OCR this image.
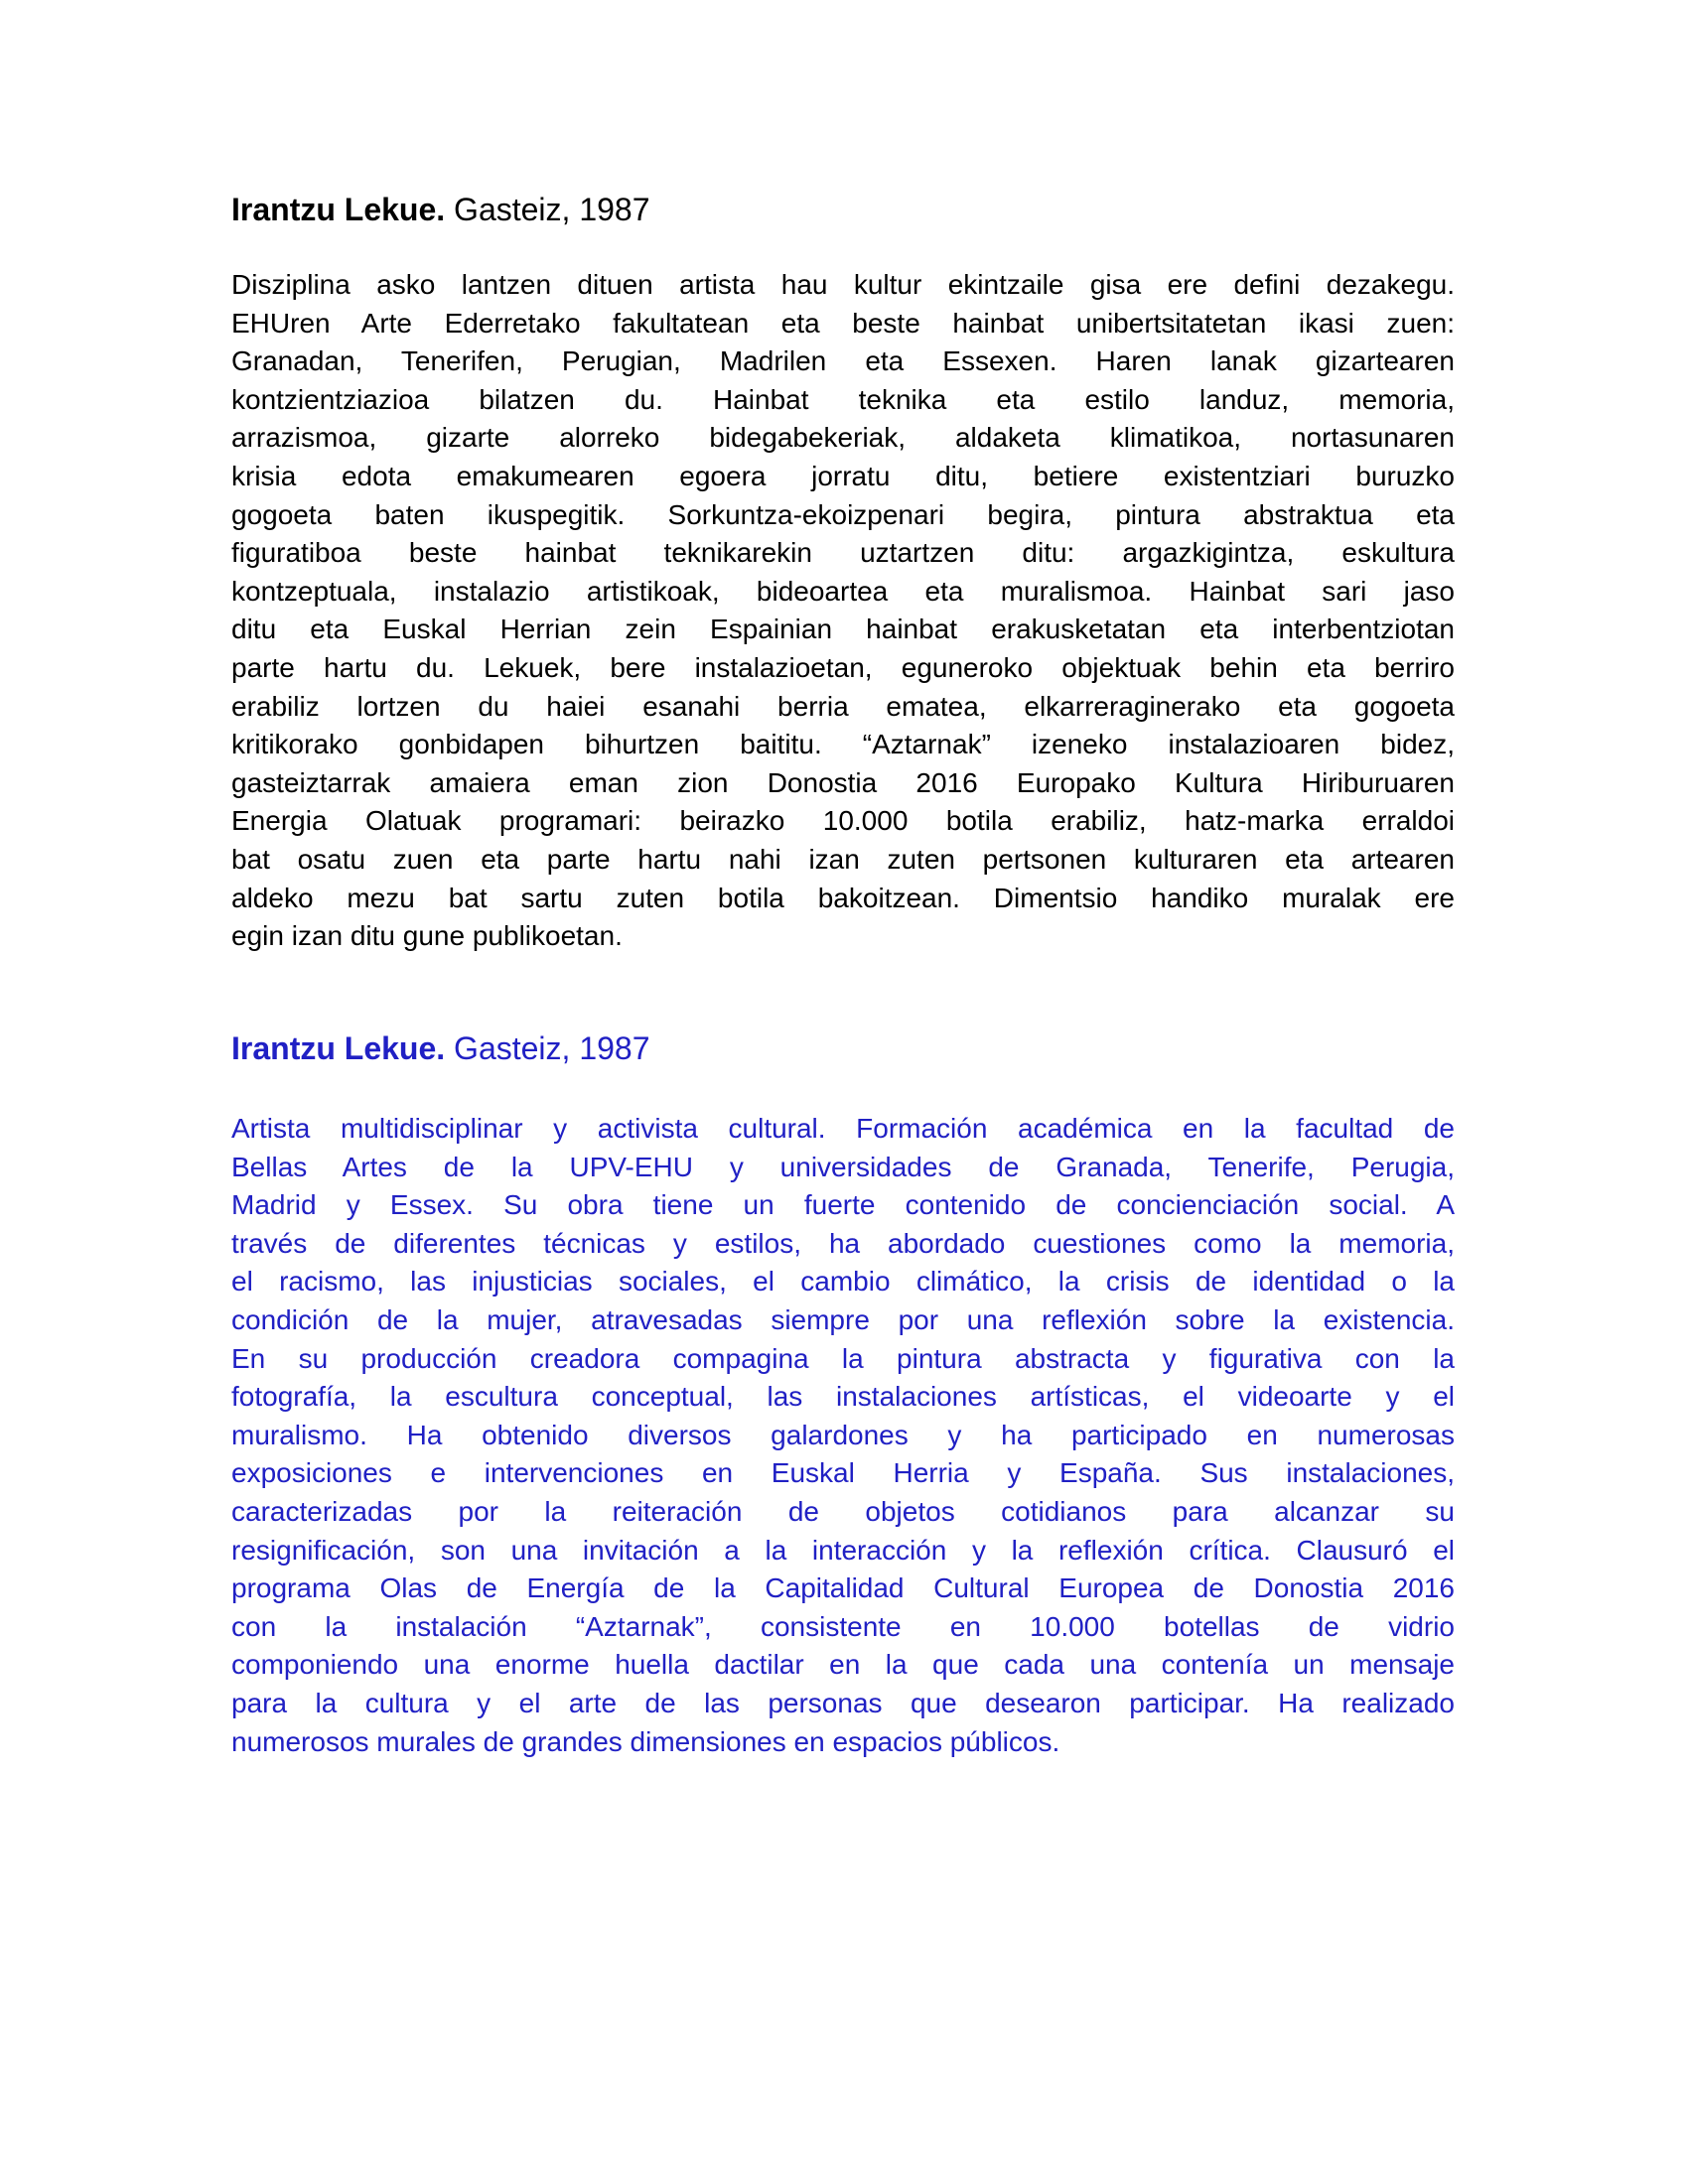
Irantzu Lekue. Gasteiz, 1987

Disziplina asko lantzen dituen artista hau kultur ekintzaile gisa ere defini dezakegu.
EHUren Arte Ederretako fakultatean eta beste hainbat unibertsitatetan ikasi zuen:
Granadan, Tenerifen, Perugian, Madrilen eta Essexen. Haren lanak gizartearen
kontzientziazioa bilatzen du. Hainbat teknika eta estilo landuz, memoria,
arrazismoa, gizarte alorreko bidegabekeriak, aldaketa klimatikoa, nortasunaren
krisia edota emakumearen egoera jorratu ditu, betiere existentziari buruzko
gogoeta baten ikuspegitik. Sorkuntza-ekoizpenari begira, pintura abstraktua eta
figuratiboa beste hainbat teknikarekin uztartzen ditu: argazkigintza, eskultura
kontzeptuala, instalazio artistikoak, bideoartea eta muralismoa. Hainbat sari jaso
ditu eta Euskal Herrian zein Espainian hainbat erakusketatan eta interbentziotan
parte hartu du. Lekuek, bere instalazioetan, eguneroko objektuak behin eta berriro
erabiliz lortzen du haiei esanahi berria ematea, elkarreraginerako eta gogoeta
kritikorako gonbidapen bihurtzen baititu. “Aztarnak” izeneko instalazioaren bidez,
gasteiztarrak amaiera eman zion Donostia 2016 Europako Kultura Hiriburuaren
Energia Olatuak programari: beirazko 10.000 botila erabiliz, hatz-marka erraldoi
bat osatu zuen eta parte hartu nahi izan zuten pertsonen kulturaren eta artearen
aldeko mezu bat sartu zuten botila bakoitzean. Dimentsio handiko muralak ere
egin izan ditu gune publikoetan.

Irantzu Lekue. Gasteiz, 1987

Artista multidisciplinar y activista cultural. Formación académica en la facultad de
Bellas Artes de la UPV-EHU y universidades de Granada, Tenerife, Perugia,
Madrid y Essex. Su obra tiene un fuerte contenido de concienciación social. A
través de diferentes técnicas y estilos, ha abordado cuestiones como la memoria,
el racismo, las injusticias sociales, el cambio climático, la crisis de identidad o la
condición de la mujer, atravesadas siempre por una reflexión sobre la existencia.
En su producción creadora compagina la pintura abstracta y figurativa con la
fotografía, la escultura conceptual, las instalaciones artísticas, el videoarte y el
muralismo. Ha obtenido diversos galardones y ha participado en numerosas
exposiciones e intervenciones en Euskal Herria y España. Sus instalaciones,
caracterizadas por la reiteración de objetos cotidianos para alcanzar su
resignificación, son una invitación a la interacción y la reflexión crítica. Clausuró el
programa Olas de Energía de la Capitalidad Cultural Europea de Donostia 2016
con la instalación “Aztarnak”, consistente en 10.000 botellas de vidrio
componiendo una enorme huella dactilar en la que cada una contenía un mensaje
para la cultura y el arte de las personas que desearon participar. Ha realizado
numerosos murales de grandes dimensiones en espacios públicos.
